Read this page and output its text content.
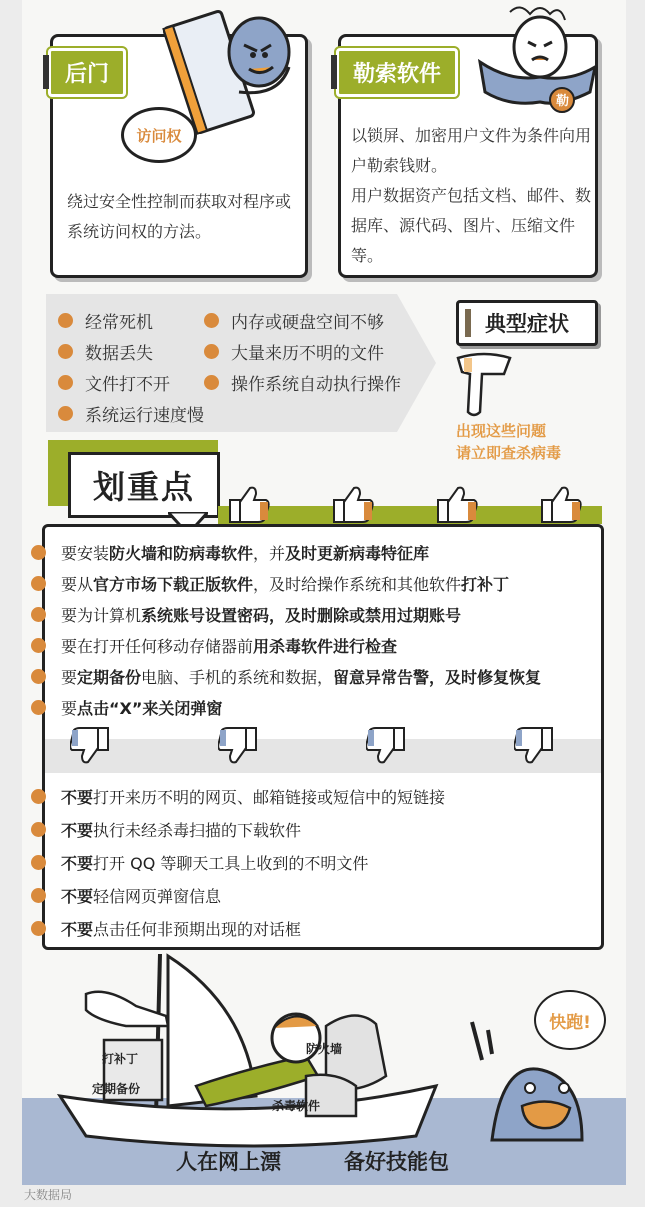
访问权
绕过安全性控制而获取对程序或系统访问权的方法。
后门
以锁屏、加密用户文件为条件向用户勒索钱财。
用户数据资产包括文档、邮件、数据库、源代码、图片、压缩文件等。
勒
勒索软件
经常死机
数据丢失
文件打不开
系统运行速度慢
内存或硬盘空间不够
大量来历不明的文件
操作系统自动执行操作
典型症状
出现这些问题
请立即查杀病毒
划重点
要安装 防火墙和防病毒软件 ，并 及时更新病毒特征库
要从 官方市场下载正版软件 ，及时给操作系统和其他软件 打补丁
要为计算机 系统账号设置密码，及时删除或禁用过期账号
要在打开任何移动存储器前 用杀毒软件进行检查
要 定期备份 电脑、手机的系统和数据， 留意异常告警，及时修复恢复
要 点击“X”来关闭弹窗
不要 打开来历不明的网页、邮箱链接或短信中的短链接
不要 执行未经杀毒扫描的下载软件
不要 打开 QQ 等聊天工具上收到的不明文件
不要 轻信网页弹窗信息
不要 点击任何非预期出现的对话框
打补丁
定期备份
防火墙
杀毒软件
快跑!
人在网上漂	备好技能包
大数据局
